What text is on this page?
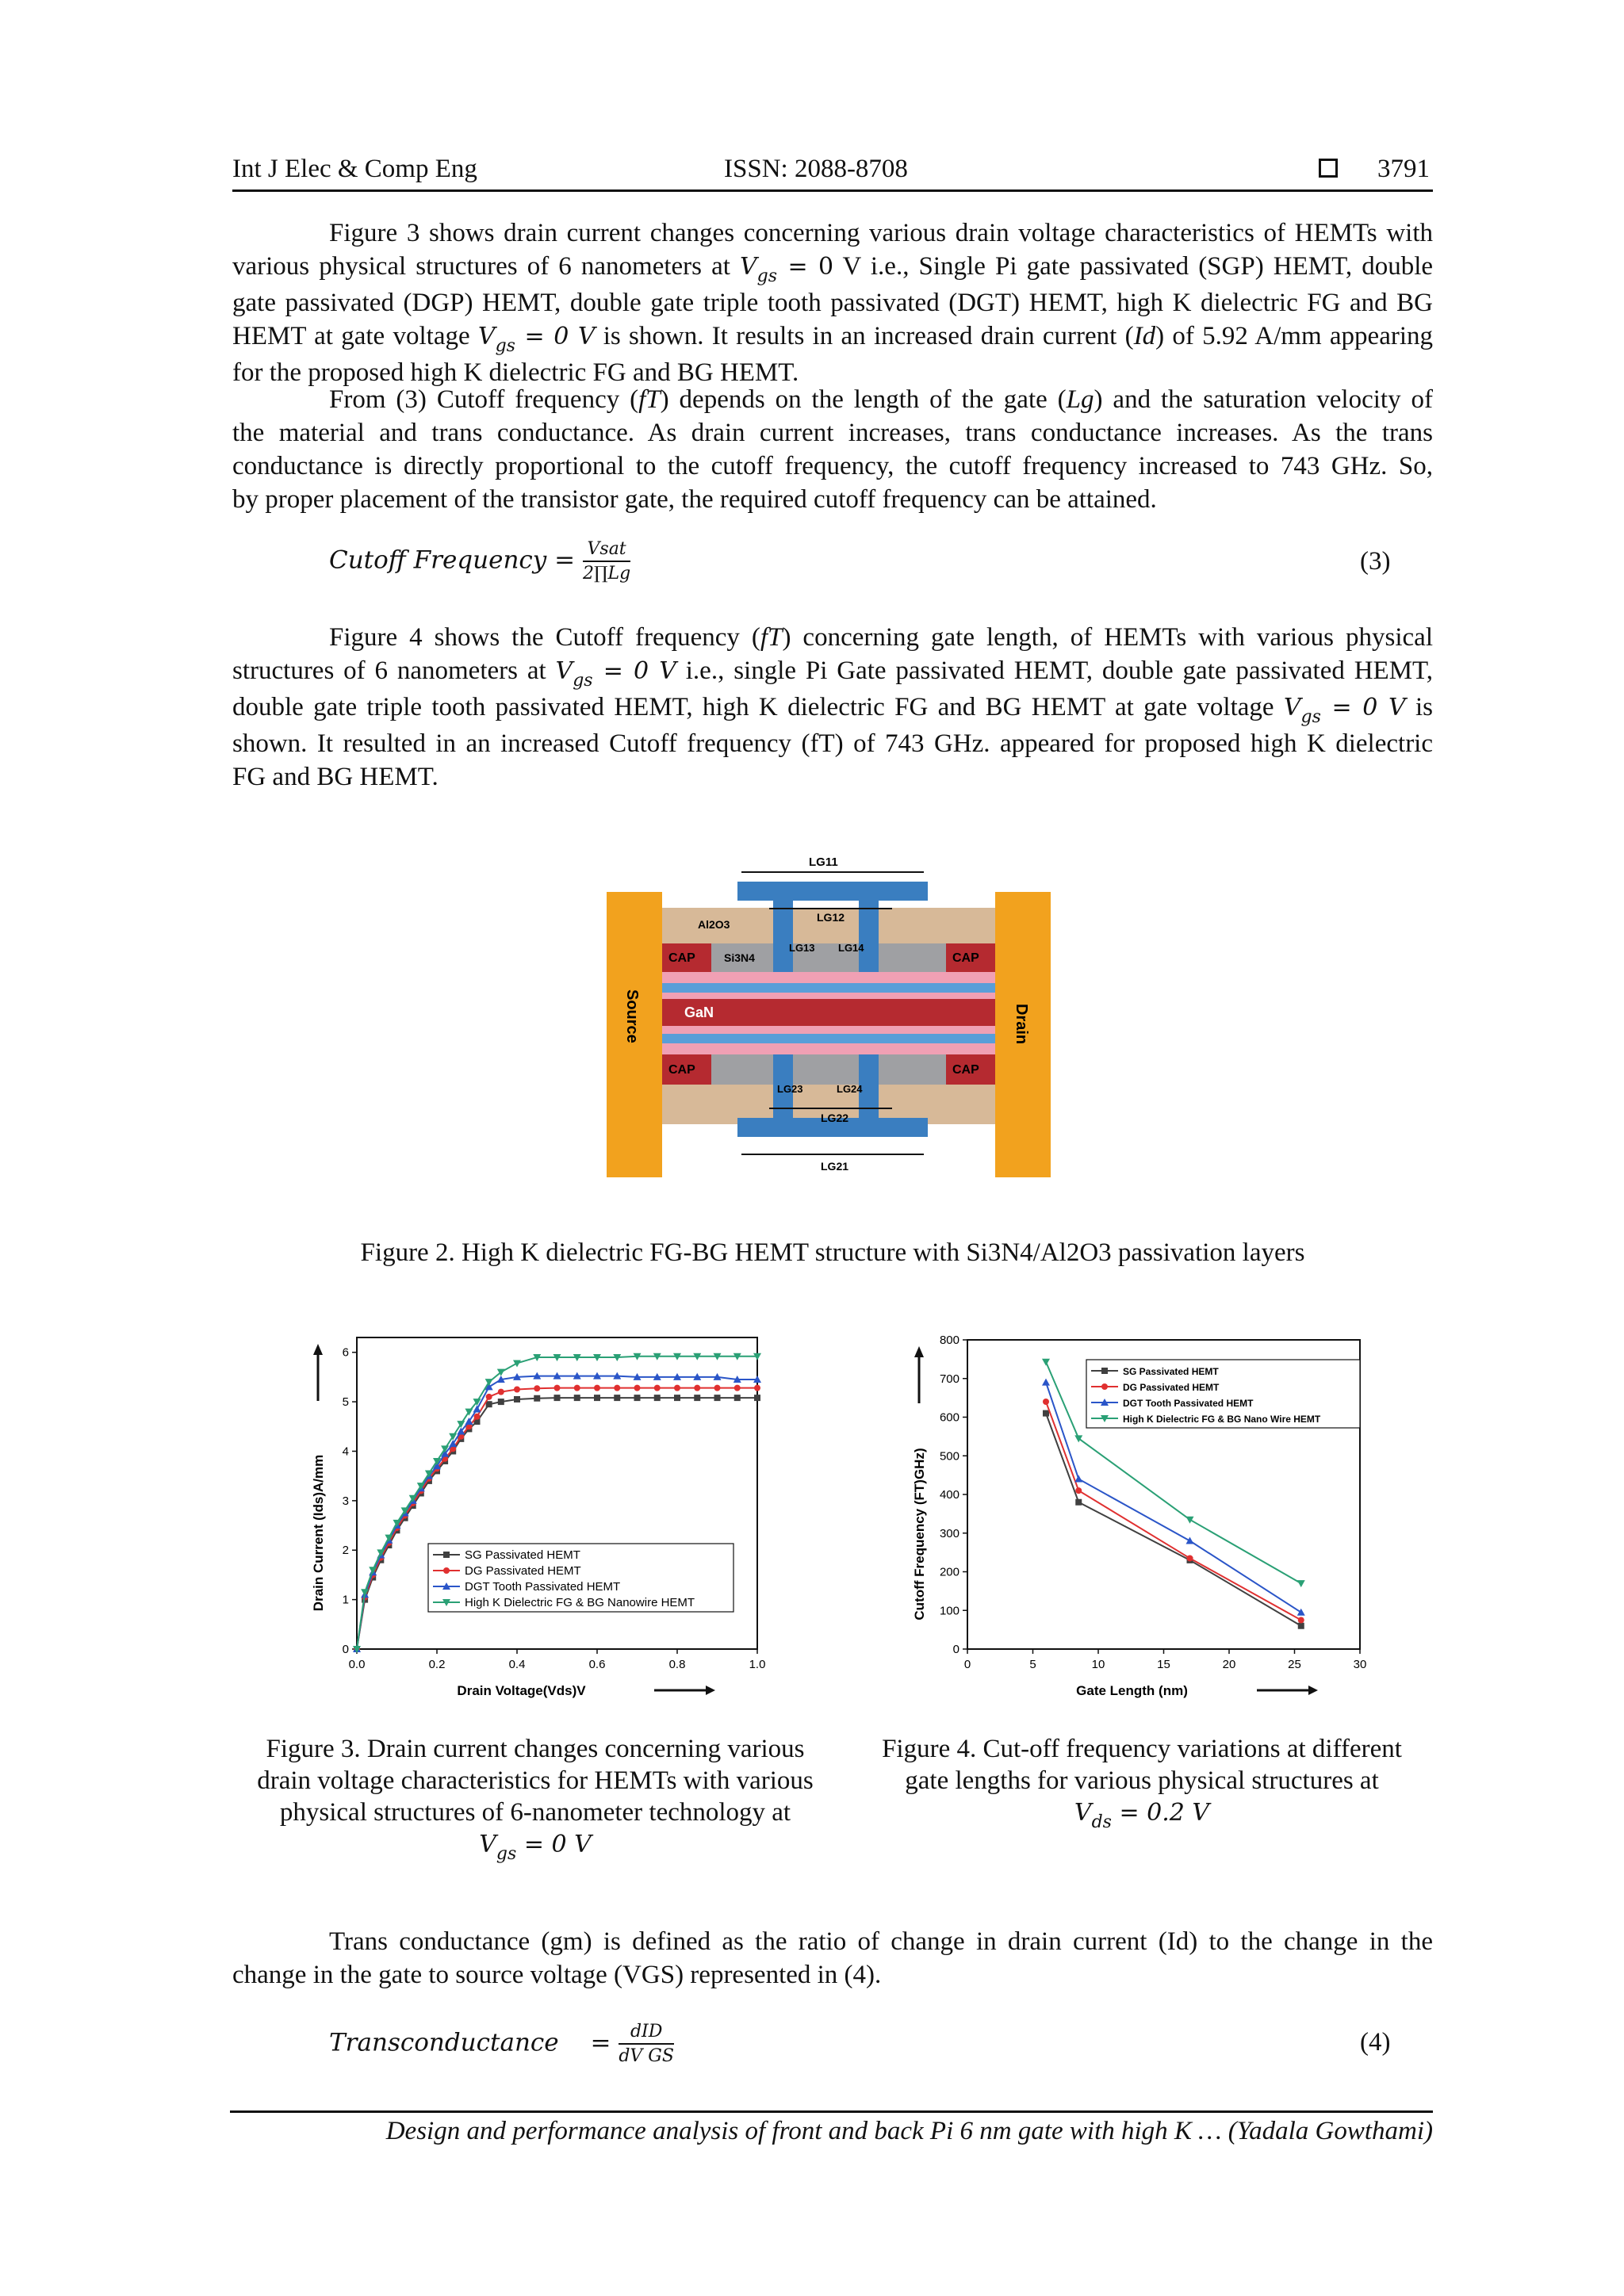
Int J Elec & Comp Eng	ISSN: 2088-8708	3791
Figure 3 shows drain current changes concerning various drain voltage characteristics of HEMTs with
various physical structures of 6 nanometers at $V_{gs} = 0$ V i.e., Single Pi gate passivated (SGP) HEMT, double
gate passivated (DGP) HEMT, double gate triple tooth passivated (DGT) HEMT, high K dielectric FG and BG
HEMT at gate voltage $V_{gs} = 0$ V is shown. It results in an increased drain current (Id) of 5.92 A/mm appearing
for the proposed high K dielectric FG and BG HEMT.
From (3) Cutoff frequency (fT) depends on the length of the gate (Lg) and the saturation velocity of
the material and trans conductance. As drain current increases, trans conductance increases. As the trans
conductance is directly proportional to the cutoff frequency, the cutoff frequency increased to 743 GHz. So,
by proper placement of the transistor gate, the required cutoff frequency can be attained.
Cutoff Frequency = $\frac{\text{Vsat}}{2\prod Lg}$	(3)
Figure 4 shows the Cutoff frequency (fT) concerning gate length, of HEMTs with various physical
structures of 6 nanometers at $V_{gs} = 0$ V i.e., single Pi Gate passivated HEMT, double gate passivated HEMT,
double gate triple tooth passivated HEMT, high K dielectric FG and BG HEMT at gate voltage $V_{gs} = 0$ V is
shown. It resulted in an increased Cutoff frequency (fT) of 743 GHz. appeared for proposed high K dielectric
FG and BG HEMT.
LG11
LG12
LG13 LG14
LG23	LG24
LG22
LG21
Al2O3
Si3N4
CAP	CAP
CAP	CAP
GaN
Source	Drain
Figure 2. High K dielectric FG-BG HEMT structure with Si3N4/Al2O3 passivation layers
0.0	0.2	0.4	0.6	0.8	1.0
0
1
2
3
4
5
6
SG Passivated HEMT
DG Passivated HEMT
DGT Tooth Passivated HEMT
High K Dielectric FG & BG Nanowire HEMT
Drain Voltage(Vds)V
Drain Current (Ids)A/mm
0	5	10	15	20	25	30
0
100
200
300
400
500
600
700
800
SG Passivated HEMT
DG Passivated HEMT
DGT Tooth Passivated HEMT
High K Dielectric FG & BG Nano Wire HEMT
Gate Length (nm)
Cutoff Frequency (FT)GHz)
Figure 3. Drain current changes concerning various
drain voltage characteristics for HEMTs with various
physical structures of 6-nanometer technology at
$V_{gs} = 0$ V
Figure 4. Cut-off frequency variations at different
gate lengths for various physical structures at
$V_{ds} = 0.2$ V
Trans conductance (gm) is defined as the ratio of change in drain current (Id) to the change in the
change in the gate to source voltage (VGS) represented in (4).
Transconductance = $\frac{\text{dID}}{\text{dV GS}}$	(4)
Design and performance analysis of front and back Pi 6 nm gate with high K … (Yadala Gowthami)
